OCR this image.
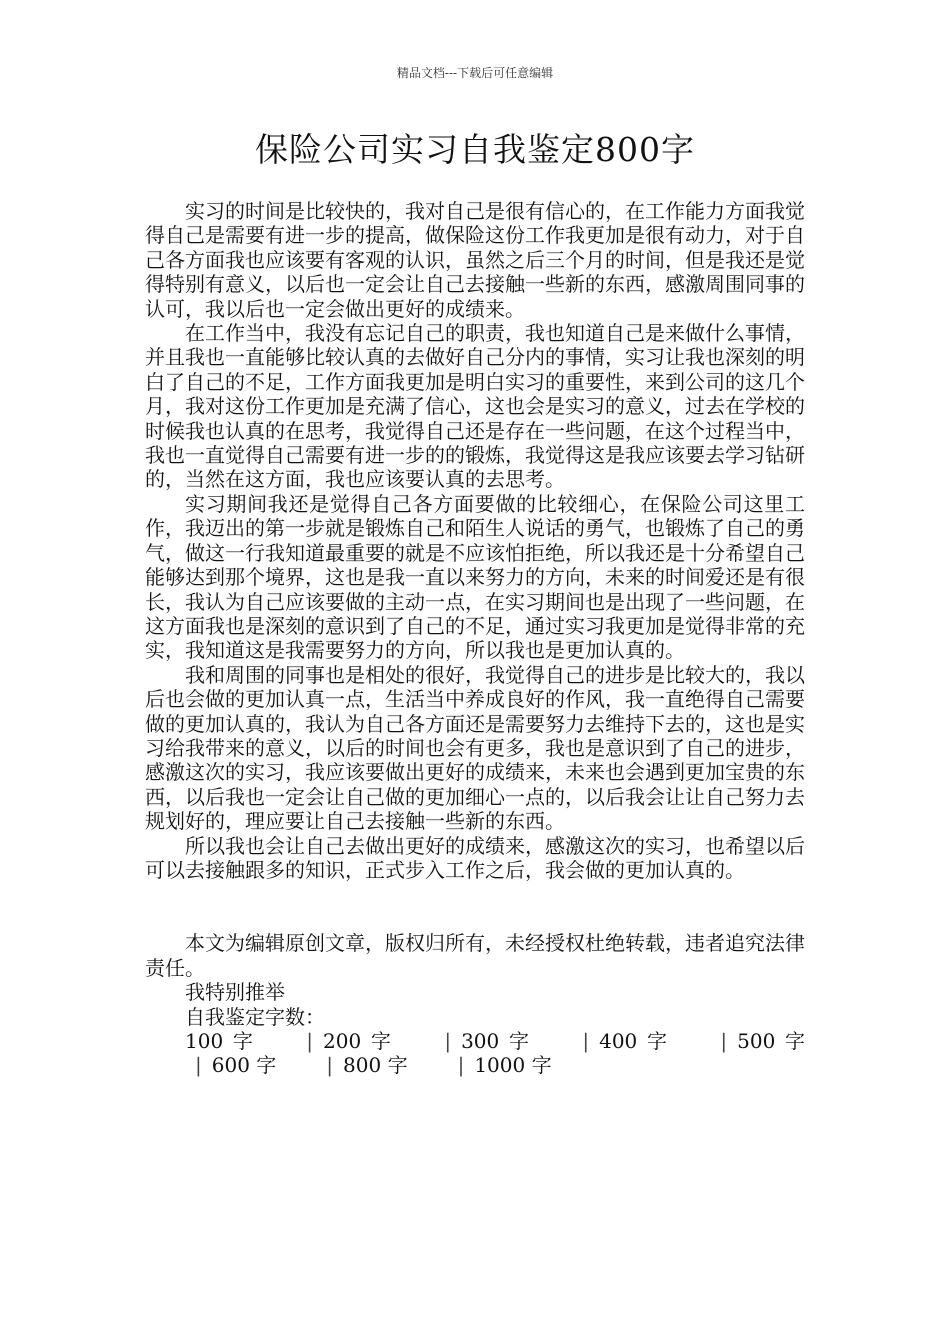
精品文档---下载后可任意编辑
保险公司实习自我鉴定800字

实习的时间是比较快的，我对自己是很有信心的，在工作能力方面我觉得自己是需要有进一步的提高，做保险这份工作我更加是很有动力，对于自己各方面我也应该要有客观的认识，虽然之后三个月的时间，但是我还是觉得特别有意义，以后也一定会让自己去接触一些新的东西，感激周围同事的认可，我以后也一定会做出更好的成绩来。

在工作当中，我没有忘记自己的职责，我也知道自己是来做什么事情，并且我也一直能够比较认真的去做好自己分内的事情，实习让我也深刻的明白了自己的不足，工作方面我更加是明白实习的重要性，来到公司的这几个月，我对这份工作更加是充满了信心，这也会是实习的意义，过去在学校的时候我也认真的在思考，我觉得自己还是存在一些问题，在这个过程当中，我也一直觉得自己需要有进一步的的锻炼，我觉得这是我应该要去学习钻研的，当然在这方面，我也应该要认真的去思考。

实习期间我还是觉得自己各方面要做的比较细心，在保险公司这里工作，我迈出的第一步就是锻炼自己和陌生人说话的勇气，也锻炼了自己的勇气，做这一行我知道最重要的就是不应该怕拒绝，所以我还是十分希望自己能够达到那个境界，这也是我一直以来努力的方向，未来的时间爱还是有很长，我认为自己应该要做的主动一点，在实习期间也是出现了一些问题，在这方面我也是深刻的意识到了自己的不足，通过实习我更加是觉得非常的充实，我知道这是我需要努力的方向，所以我也是更加认真的。

我和周围的同事也是相处的很好，我觉得自己的进步是比较大的，我以后也会做的更加认真一点，生活当中养成良好的作风，我一直绝得自己需要做的更加认真的，我认为自己各方面还是需要努力去维持下去的，这也是实习给我带来的意义，以后的时间也会有更多，我也是意识到了自己的进步，感激这次的实习，我应该要做出更好的成绩来，未来也会遇到更加宝贵的东西，以后我也一定会让自己做的更加细心一点的，以后我会让让自己努力去规划好的，理应要让自己去接触一些新的东西。

所以我也会让自己去做出更好的成绩来，感激这次的实习，也希望以后可以去接触跟多的知识，正式步入工作之后，我会做的更加认真的。

本文为编辑原创文章，版权归所有，未经授权杜绝转载，违者追究法律责任。

我特别推举

自我鉴定字数：

100 字	| 200 字	| 300 字	| 400 字	| 500 字| 600 字	| 800 字	| 1000 字
